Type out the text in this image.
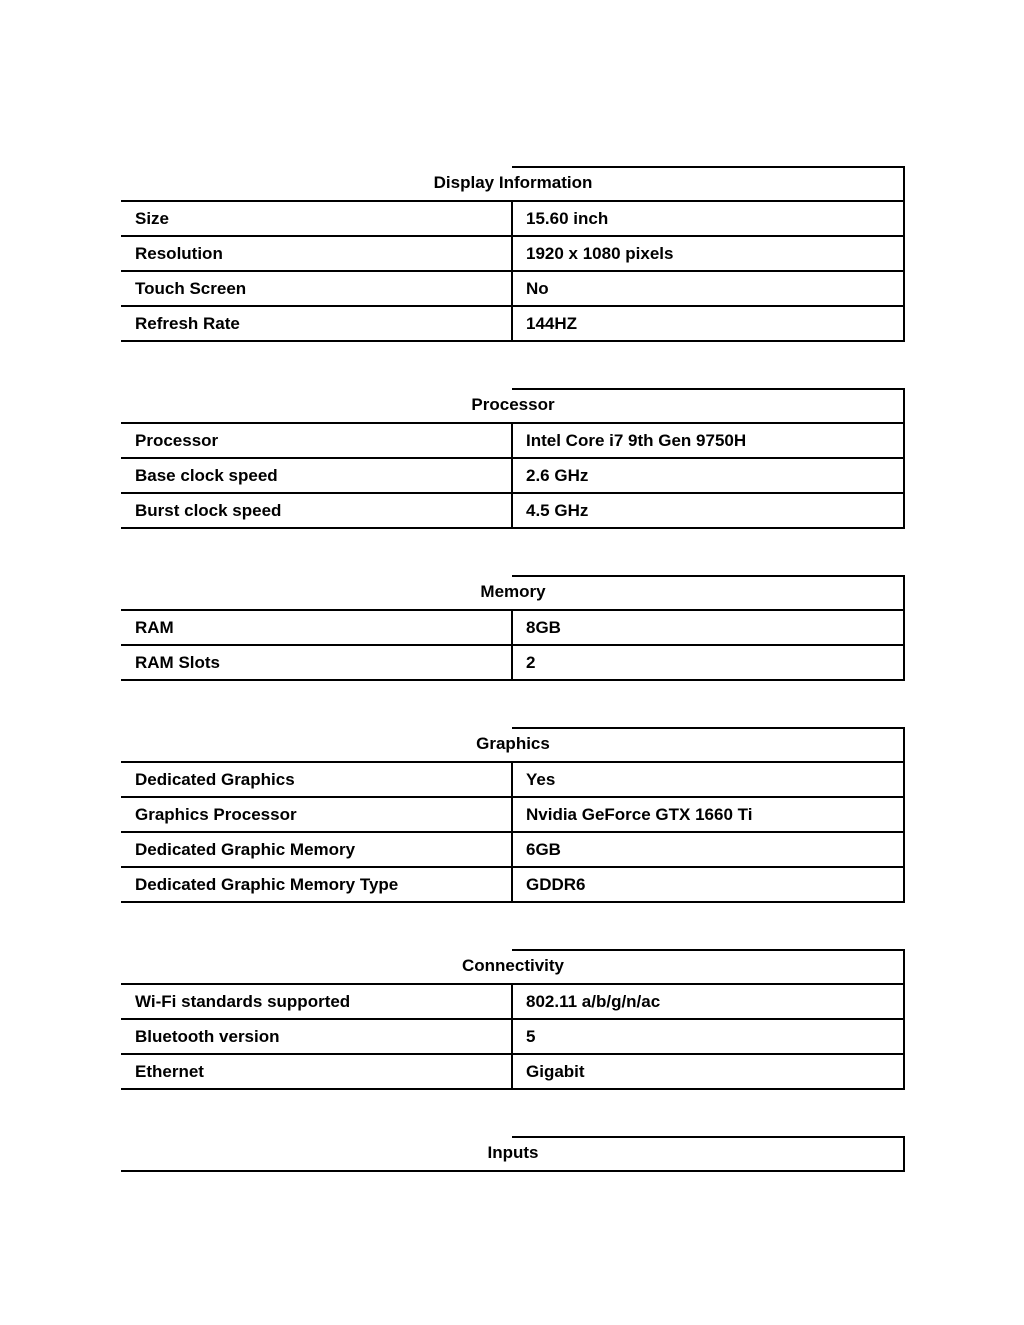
Display Information
Size	15.60 inch
Resolution	1920 x 1080 pixels
Touch Screen	No
Refresh Rate	144HZ
Processor
Processor	Intel Core i7 9th Gen 9750H
Base clock speed	2.6 GHz
Burst clock speed	4.5 GHz
Memory
RAM	8GB
RAM Slots	2
Graphics
Dedicated Graphics	Yes
Graphics Processor	Nvidia GeForce GTX 1660 Ti
Dedicated Graphic Memory	6GB
Dedicated Graphic Memory Type	GDDR6
Connectivity
Wi-Fi standards supported	802.11 a/b/g/n/ac
Bluetooth version	5
Ethernet	Gigabit
Inputs
